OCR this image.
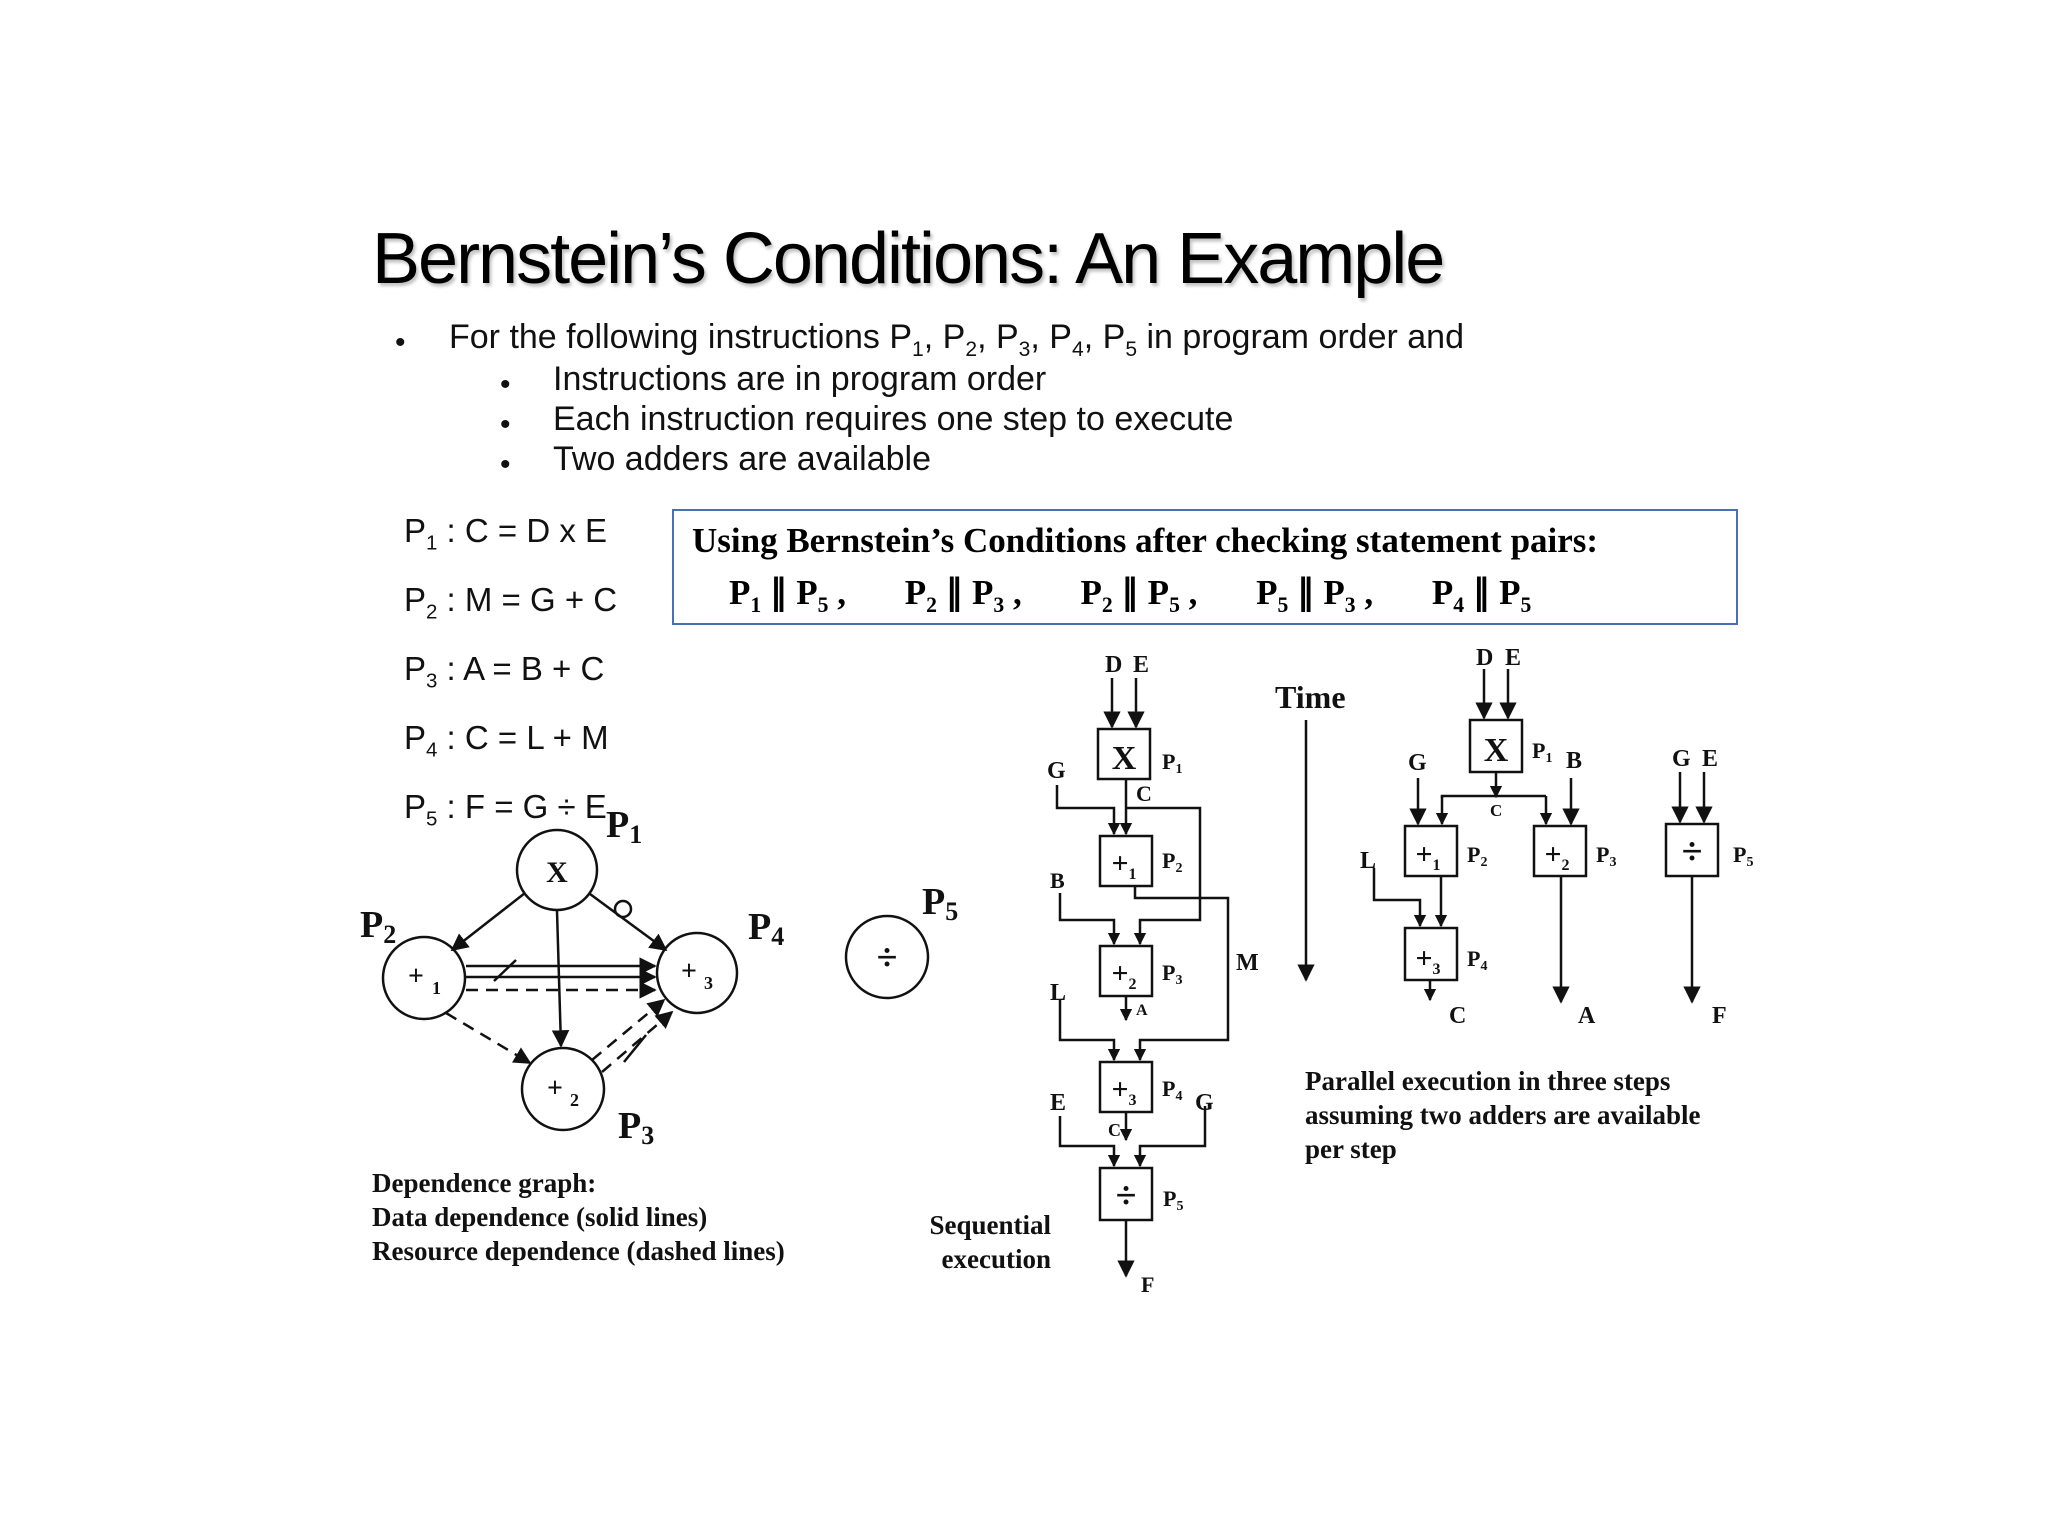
Bernstein’s Conditions: An Example
• For the following instructions $P_1$, $P_2$, $P_3$, $P_4$, $P_5$ in program order and
• Instructions are in program order
• Each instruction requires one step to execute
• Two adders are available
$P_1$ : C = D x E
$P_2$ : M = G + C
$P_3$ : A = B + C
$P_4$ : C = L + M
$P_5$ : F = G ÷ E
Using Bernstein’s Conditions after checking statement pairs:
$P_1$ ∥ $P_5$ , $P_2$ ∥ $P_3$ , $P_2$ ∥ $P_5$ , $P_5$ ∥ $P_3$ , $P_4$ ∥ $P_5$
Dependence graph:
Data dependence (solid lines)
Resource dependence (dashed lines)
Sequential
execution
Parallel execution in three steps
assuming two adders are available
per step
X
+ 1
+ 2
+ 3
÷
P1
P2
P3
P4
P5
D E
X P1
G
C
$+_1$
P2
B
M
$+_2$ P3
L
A
$+_3$ P4
E	G
C
÷ P5
F
Time
D E
X P1 B
G
C
$+_1$ $P2 +_2$ P3
L
$+_3$ P4
C	A
G E
÷ P5
F
